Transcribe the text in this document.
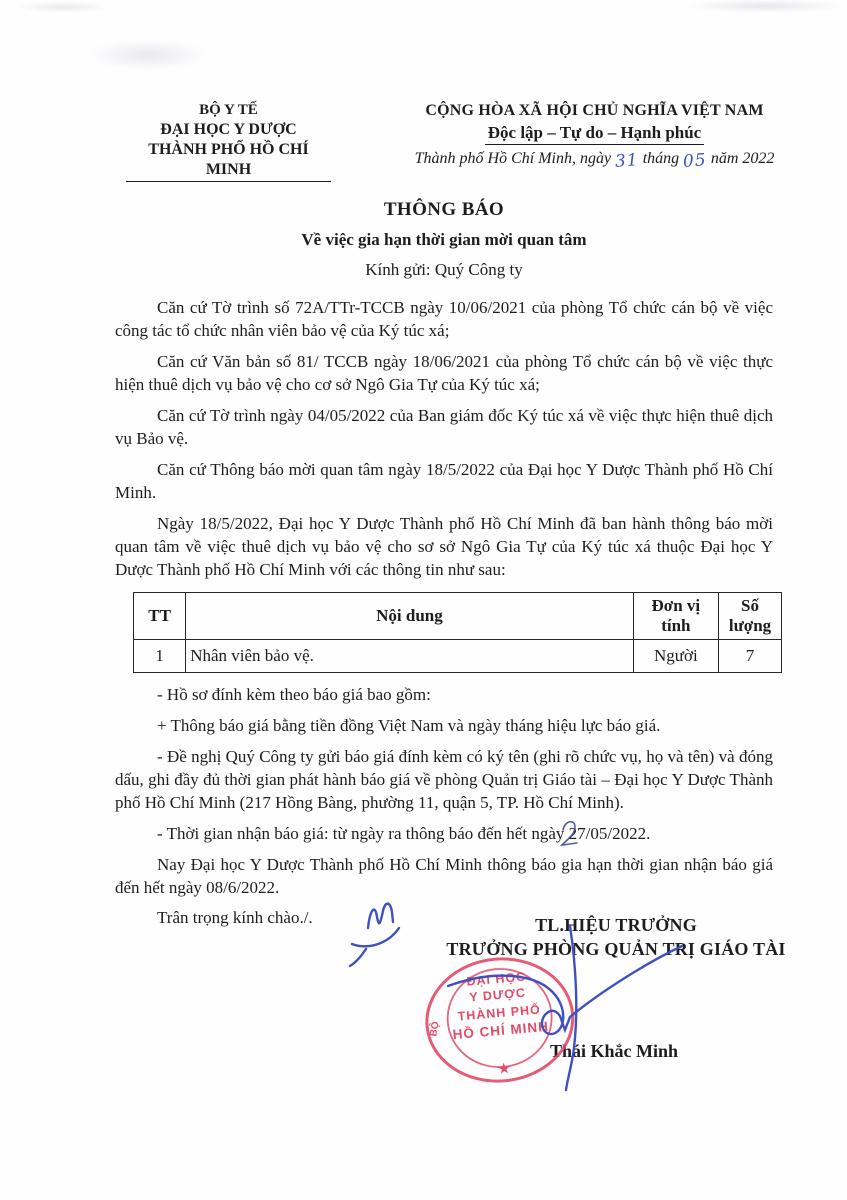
BỘ Y TẾ
ĐẠI HỌC Y DƯỢC
THÀNH PHỐ HỒ CHÍ MINH
CỘNG HÒA XÃ HỘI CHỦ NGHĨA VIỆT NAM
Độc lập – Tự do – Hạnh phúc
Thành phố Hồ Chí Minh, ngày 31 tháng 05 năm 2022
THÔNG BÁO
Về việc gia hạn thời gian mời quan tâm
Kính gửi: Quý Công ty
Căn cứ Tờ trình số 72A/TTr-TCCB ngày 10/06/2021 của phòng Tổ chức cán bộ về việc công tác tổ chức nhân viên bảo vệ của Ký túc xá;
Căn cứ Văn bản số 81/ TCCB ngày 18/06/2021 của phòng Tổ chức cán bộ về việc thực hiện thuê dịch vụ bảo vệ cho cơ sở Ngô Gia Tự của Ký túc xá;
Căn cứ Tờ trình ngày 04/05/2022 của Ban giám đốc Ký túc xá về việc thực hiện thuê dịch vụ Bảo vệ.
Căn cứ Thông báo mời quan tâm ngày 18/5/2022 của Đại học Y Dược Thành phố Hồ Chí Minh.
Ngày 18/5/2022, Đại học Y Dược Thành phố Hồ Chí Minh đã ban hành thông báo mời quan tâm về việc thuê dịch vụ bảo vệ cho sơ sở Ngô Gia Tự của Ký túc xá thuộc Đại học Y Dược Thành phố Hồ Chí Minh với các thông tin như sau:
TT	Nội dung	Đơn vị tính	Số lượng
1	Nhân viên bảo vệ.	Người	7
- Hồ sơ đính kèm theo báo giá bao gồm:
+ Thông báo giá bằng tiền đồng Việt Nam và ngày tháng hiệu lực báo giá.
- Đề nghị Quý Công ty gửi báo giá đính kèm có ký tên (ghi rõ chức vụ, họ và tên) và đóng dấu, ghi đầy đủ thời gian phát hành báo giá về phòng Quản trị Giáo tài – Đại học Y Dược Thành phố Hồ Chí Minh (217 Hồng Bàng, phường 11, quận 5, TP. Hồ Chí Minh).
- Thời gian nhận báo giá: từ ngày ra thông báo đến hết ngày 27/05/2022.
Nay Đại học Y Dược Thành phố Hồ Chí Minh thông báo gia hạn thời gian nhận báo giá đến hết ngày 08/6/2022.
Trân trọng kính chào./.	TL.HIỆU TRƯỞNG
TRƯỞNG PHÒNG QUẢN TRỊ GIÁO TÀI
Thái Khắc Minh
ĐẠI HỌC
Y DƯỢC
THÀNH PHỐ
HỒ CHÍ MINH
★
BỘ
